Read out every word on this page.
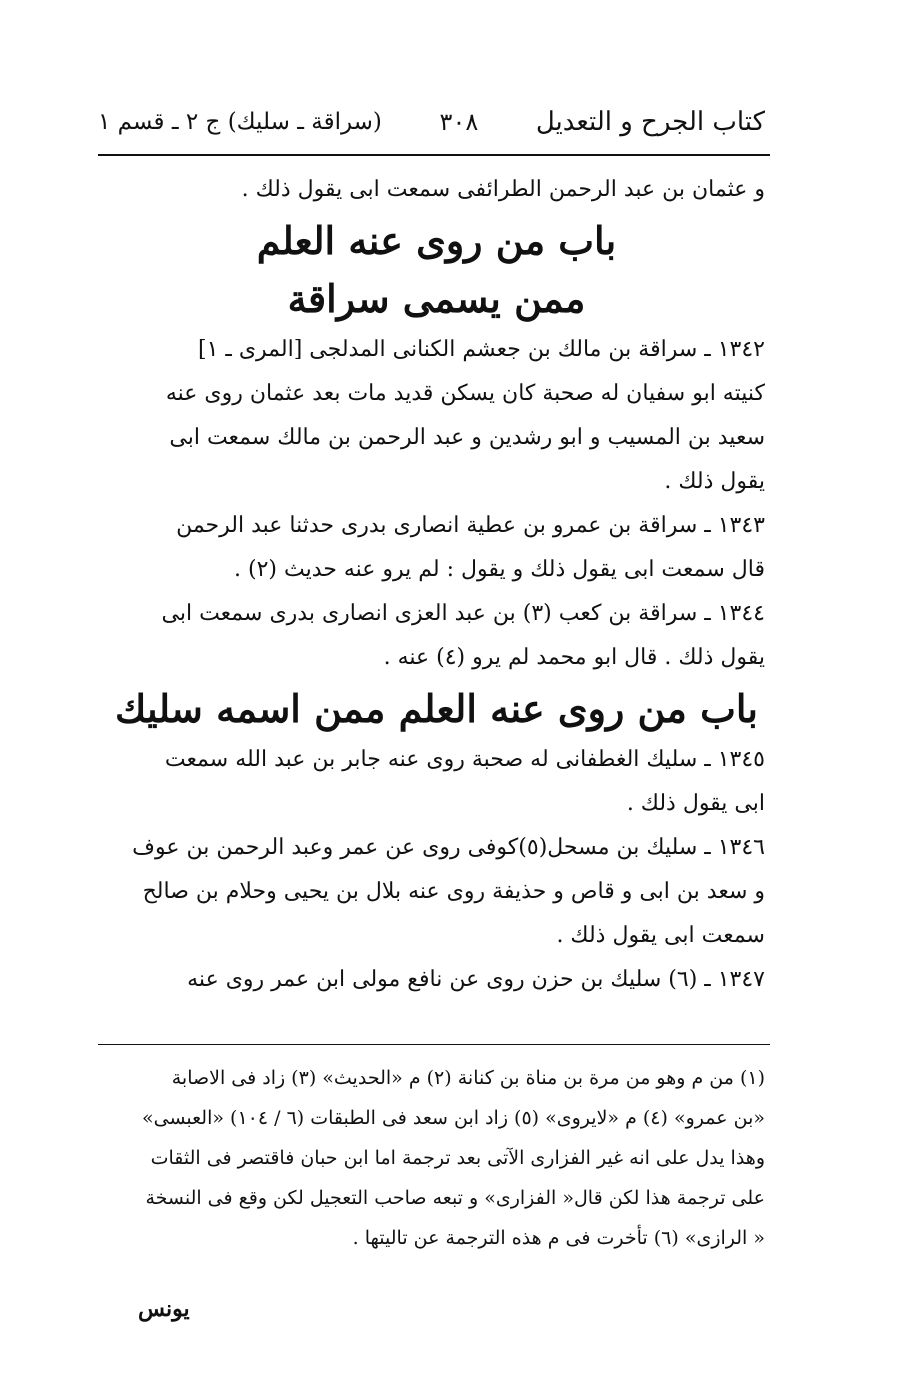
كتاب الجرح و التعديل
٣٠٨
(سراقة ـ سليك) ج ٢ ـ قسم ١
و عثمان بن عبد الرحمن الطرائفى سمعت ابى يقول ذلك .
باب من روى عنه العلم
ممن يسمى سراقة
١٣٤٢ ـ سراقة بن مالك بن جعشم الكنانى المدلجى [المرى ـ ١]
كنيته ابو سفيان له صحبة كان يسكن قديد مات بعد عثمان روى عنه
سعيد بن المسيب و ابو رشدين و عبد الرحمن بن مالك سمعت ابى
يقول ذلك .
١٣٤٣ ـ سراقة بن عمرو بن عطية انصارى بدرى حدثنا عبد الرحمن
قال سمعت ابى يقول ذلك و يقول : لم يرو عنه حديث (٢) .
١٣٤٤ ـ سراقة بن كعب (٣) بن عبد العزى انصارى بدرى سمعت ابى
يقول ذلك . قال ابو محمد لم يرو (٤) عنه .
باب من روى عنه العلم ممن اسمه سليك
١٣٤٥ ـ سليك الغطفانى له صحبة روى عنه جابر بن عبد الله سمعت
ابى يقول ذلك .
١٣٤٦ ـ سليك بن مسحل(٥)كوفى روى عن عمر وعبد الرحمن بن عوف
و سعد بن ابى و قاص و حذيفة روى عنه بلال بن يحيى وحلام بن صالح
سمعت ابى يقول ذلك .
١٣٤٧ ـ (٦) سليك بن حزن روى عن نافع مولى ابن عمر روى عنه
(١) من م وهو من مرة بن مناة بن كنانة (٢) م «الحديث» (٣) زاد فى الاصابة
«بن عمرو» (٤) م «لايروى» (٥) زاد ابن سعد فى الطبقات (٦ / ١٠٤) «العبسى»
وهذا يدل على انه غير الفزارى الآتى بعد ترجمة اما ابن حبان فاقتصر فى الثقات
على ترجمة هذا لكن قال« الفزارى» و تبعه صاحب التعجيل لكن وقع فى النسخة
« الرازى» (٦) تأخرت فى م هذه الترجمة عن تاليتها .
يونس
